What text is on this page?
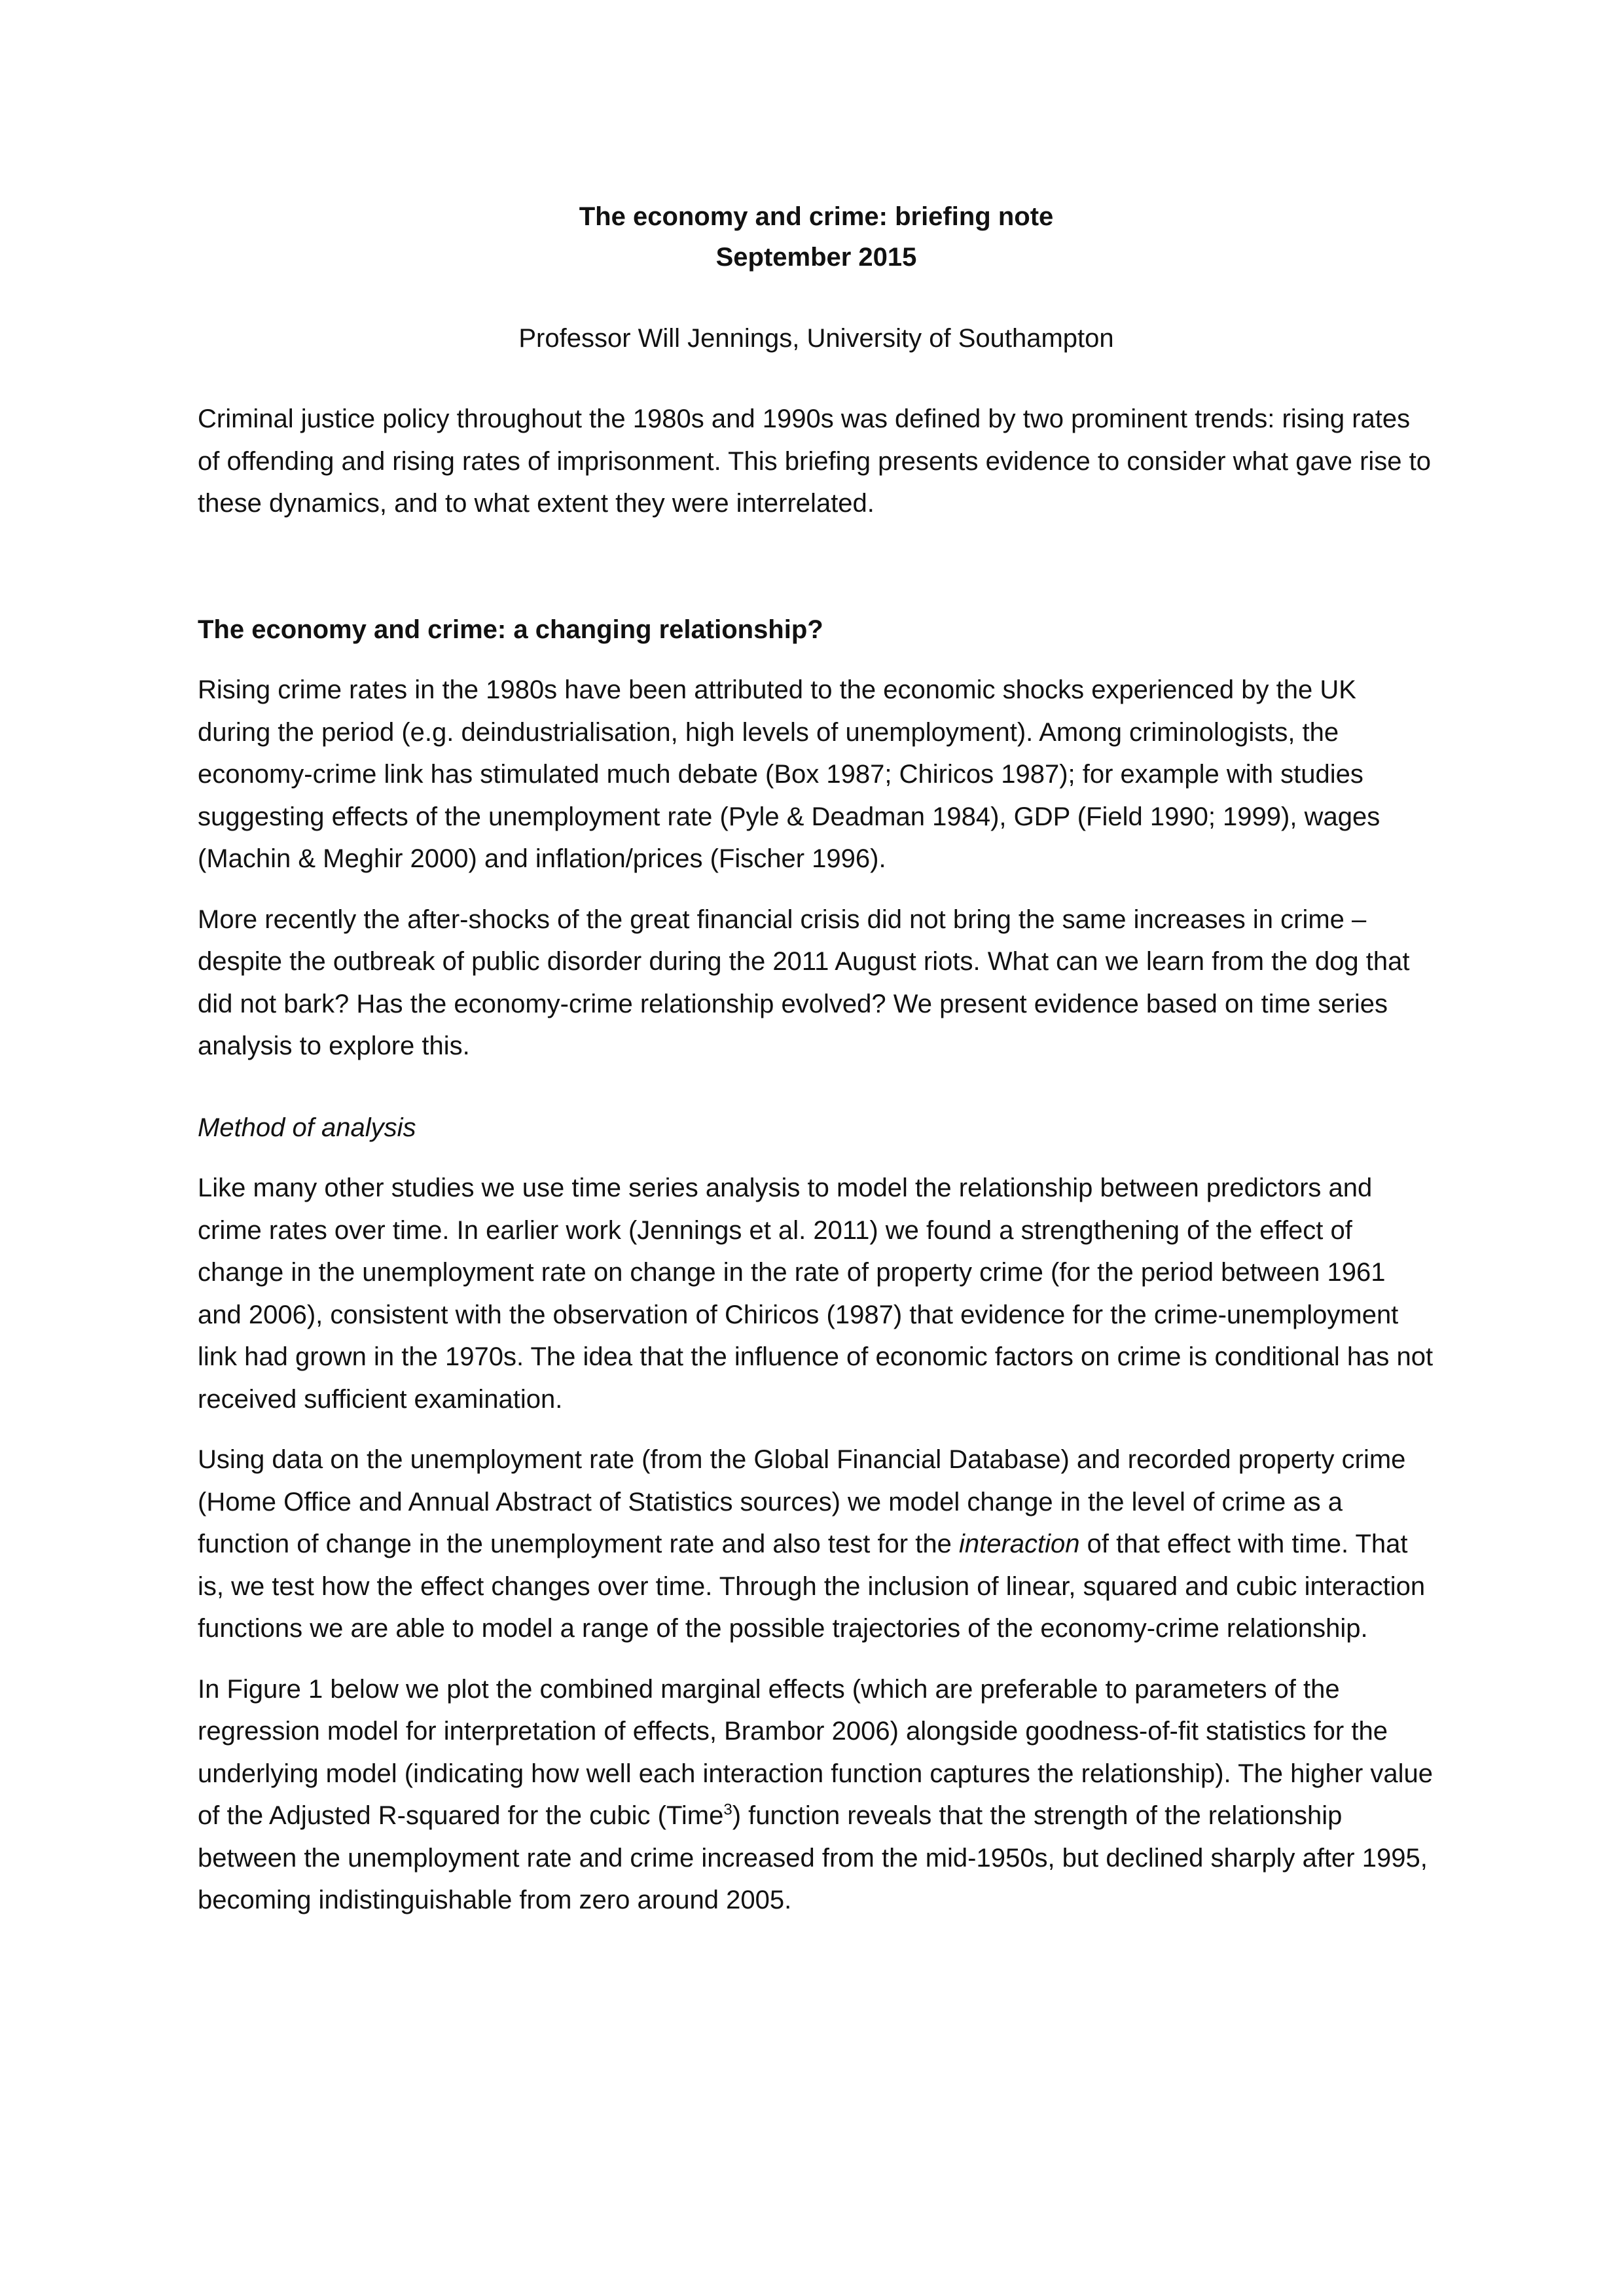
The economy and crime: briefing note
September 2015
Professor Will Jennings, University of Southampton

Criminal justice policy throughout the 1980s and 1990s was defined by two prominent trends: rising rates of offending and rising rates of imprisonment. This briefing presents evidence to consider what gave rise to these dynamics, and to what extent they were interrelated.

The economy and crime: a changing relationship?

Rising crime rates in the 1980s have been attributed to the economic shocks experienced by the UK during the period (e.g. deindustrialisation, high levels of unemployment). Among criminologists, the economy-crime link has stimulated much debate (Box 1987; Chiricos 1987); for example with studies suggesting effects of the unemployment rate (Pyle & Deadman 1984), GDP (Field 1990; 1999), wages (Machin & Meghir 2000) and inflation/prices (Fischer 1996).

More recently the after-shocks of the great financial crisis did not bring the same increases in crime – despite the outbreak of public disorder during the 2011 August riots. What can we learn from the dog that did not bark? Has the economy-crime relationship evolved? We present evidence based on time series analysis to explore this.

Method of analysis

Like many other studies we use time series analysis to model the relationship between predictors and crime rates over time. In earlier work (Jennings et al. 2011) we found a strengthening of the effect of change in the unemployment rate on change in the rate of property crime (for the period between 1961 and 2006), consistent with the observation of Chiricos (1987) that evidence for the crime-unemployment link had grown in the 1970s. The idea that the influence of economic factors on crime is conditional has not received sufficient examination.

Using data on the unemployment rate (from the Global Financial Database) and recorded property crime (Home Office and Annual Abstract of Statistics sources) we model change in the level of crime as a function of change in the unemployment rate and also test for the interaction of that effect with time. That is, we test how the effect changes over time. Through the inclusion of linear, squared and cubic interaction functions we are able to model a range of the possible trajectories of the economy-crime relationship.

In Figure 1 below we plot the combined marginal effects (which are preferable to parameters of the regression model for interpretation of effects, Brambor 2006) alongside goodness-of-fit statistics for the underlying model (indicating how well each interaction function captures the relationship). The higher value of the Adjusted R-squared for the cubic (Time$^3$) function reveals that the strength of the relationship between the unemployment rate and crime increased from the mid-1950s, but declined sharply after 1995, becoming indistinguishable from zero around 2005.
